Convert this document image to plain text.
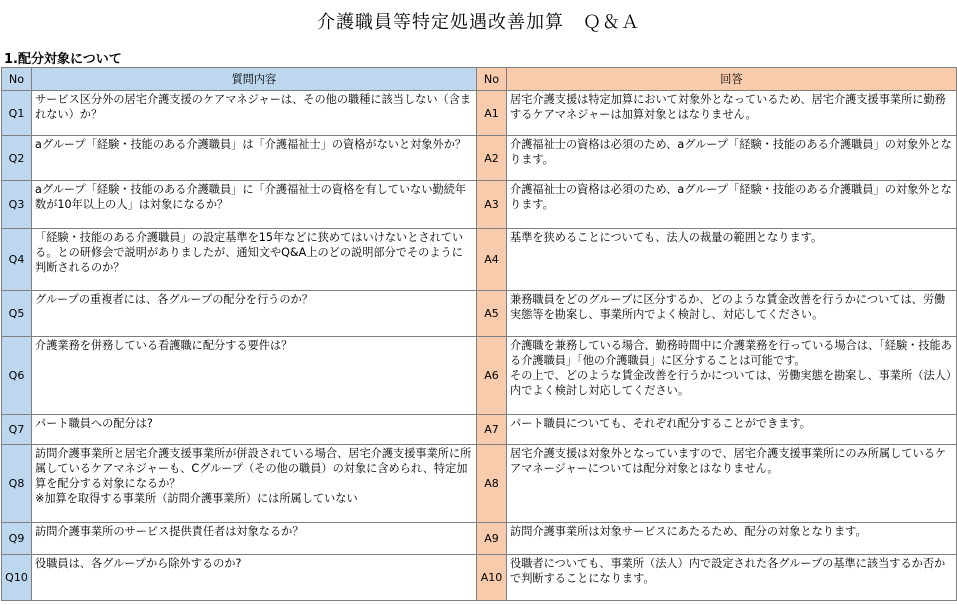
介護職員等特定処遇改善加算　Ｑ＆Ａ
1.配分対象について
No	質問内容	No	回答
Q1	サービス区分外の居宅介護支援のケアマネジャーは、その他の職種に該当しない（含まれない）か？	A1	居宅介護支援は特定加算において対象外となっているため、居宅介護支援事業所に勤務するケアマネジャーは加算対象とはなりません。
Q2	aグループ「経験・技能のある介護職員」は「介護福祉士」の資格がないと対象外か？	A2	介護福祉士の資格は必須のため、aグループ「経験・技能のある介護職員」の対象外となります。
Q3	aグループ「経験・技能のある介護職員」に「介護福祉士の資格を有していない勤続年数が10年以上の人」は対象になるか？	A3	介護福祉士の資格は必須のため、aグループ「経験・技能のある介護職員」の対象外となります。
Q4	「経験・技能のある介護職員」の設定基準を15年などに狭めてはいけないとされている。との研修会で説明がありましたが、通知文やQ&A上のどの説明部分でそのように判断されるのか？	A4	基準を狭めることについても、法人の裁量の範囲となります。
Q5	グループの重複者には、各グループの配分を行うのか？	A5	兼務職員をどのグループに区分するか、どのような賃金改善を行うかについては、労働実態等を勘案し、事業所内でよく検討し、対応してください。
Q6	介護業務を併務している看護職に配分する要件は？	A6	介護職を兼務している場合、勤務時間中に介護業務を行っている場合は、「経験・技能ある介護職員」「他の介護職員」に区分することは可能です。
その上で、どのような賃金改善を行うかについては、労働実態を勘案し、事業所（法人）内でよく検討し対応してください。
Q7	パート職員への配分は?	A7	パート職員についても、それぞれ配分することができます。
Q8	訪問介護事業所と居宅介護支援事業所が併設されている場合、居宅介護支援事業所に所属しているケアマネジャーも、Cグループ（その他の職員）の対象に含められ、特定加算を配分する対象になるか？
※加算を取得する事業所（訪問介護事業所）には所属していない	A8	居宅介護支援は対象外となっていますので、居宅介護支援事業所にのみ所属しているケアマネージャーについては配分対象とはなりません。
Q9	訪問介護事業所のサービス提供責任者は対象なるか？	A9	訪問介護事業所は対象サービスにあたるため、配分の対象となります。
Q10	役職員は、各グループから除外するのか?	A10	役職者についても、事業所（法人）内で設定された各グループの基準に該当するか否かで判断することになります。
